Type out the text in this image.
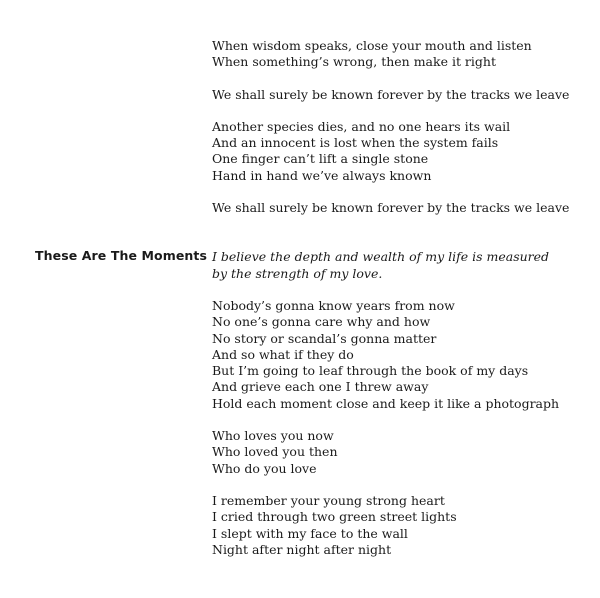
When wisdom speaks, close your mouth and listen
When something’s wrong, then make it right
We shall surely be known forever by the tracks we leave
Another species dies, and no one hears its wail
And an innocent is lost when the system fails
One finger can’t lift a single stone
Hand in hand we’ve always known
We shall surely be known forever by the tracks we leave
These Are The Moments I believe the depth and wealth of my life is measured by the strength of my love.
Nobody’s gonna know years from now
No one’s gonna care why and how
No story or scandal’s gonna matter
And so what if they do
But I’m going to leaf through the book of my days
And grieve each one I threw away
Hold each moment close and keep it like a photograph
Who loves you now
Who loved you then
Who do you love
I remember your young strong heart
I cried through two green street lights
I slept with my face to the wall
Night after night after night
